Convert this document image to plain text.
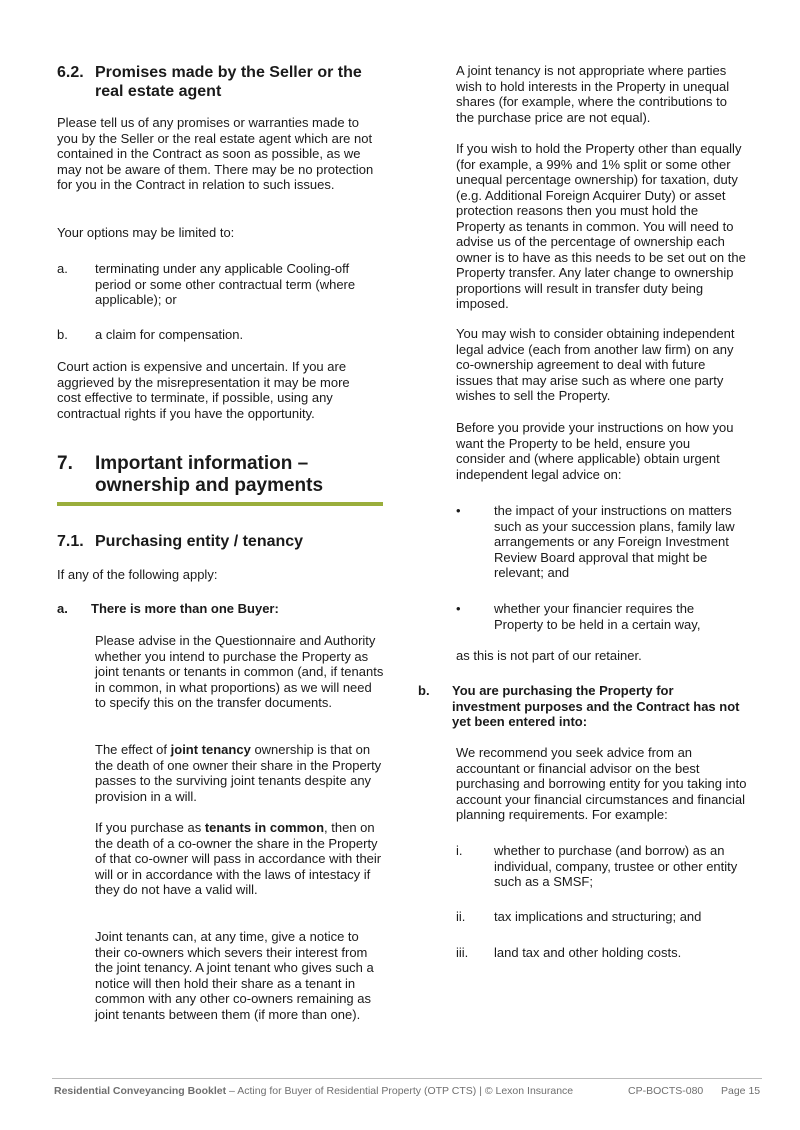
6.2. Promises made by the Seller or the real estate agent

Please tell us of any promises or warranties made to you by the Seller or the real estate agent which are not contained in the Contract as soon as possible, as we may not be aware of them. There may be no protection for you in the Contract in relation to such issues.

Your options may be limited to:

a. terminating under any applicable Cooling-off period or some other contractual term (where applicable); or
b. a claim for compensation.

Court action is expensive and uncertain. If you are aggrieved by the misrepresentation it may be more cost effective to terminate, if possible, using any contractual rights if you have the opportunity.

7. Important information – ownership and payments
7.1. Purchasing entity / tenancy

If any of the following apply:

a. There is more than one Buyer:

Please advise in the Questionnaire and Authority whether you intend to purchase the Property as joint tenants or tenants in common (and, if tenants in common, in what proportions) as we will need to specify this on the transfer documents.

The effect of joint tenancy ownership is that on the death of one owner their share in the Property passes to the surviving joint tenants despite any provision in a will.

If you purchase as tenants in common, then on the death of a co-owner the share in the Property of that co-owner will pass in accordance with their will or in accordance with the laws of intestacy if they do not have a valid will.

Joint tenants can, at any time, give a notice to their co-owners which severs their interest from the joint tenancy. A joint tenant who gives such a notice will then hold their share as a tenant in common with any other co-owners remaining as joint tenants between them (if more than one).

A joint tenancy is not appropriate where parties wish to hold interests in the Property in unequal shares (for example, where the contributions to the purchase price are not equal).

If you wish to hold the Property other than equally (for example, a 99% and 1% split or some other unequal percentage ownership) for taxation, duty (e.g. Additional Foreign Acquirer Duty) or asset protection reasons then you must hold the Property as tenants in common. You will need to advise us of the percentage of ownership each owner is to have as this needs to be set out on the Property transfer. Any later change to ownership proportions will result in transfer duty being imposed.

You may wish to consider obtaining independent legal advice (each from another law firm) on any co-ownership agreement to deal with future issues that may arise such as where one party wishes to sell the Property.

Before you provide your instructions on how you want the Property to be held, ensure you consider and (where applicable) obtain urgent independent legal advice on:

•	the impact of your instructions on matters such as your succession plans, family law arrangements or any Foreign Investment Review Board approval that might be relevant; and
•	whether your financier requires the Property to be held in a certain way,

as this is not part of our retainer.

b. You are purchasing the Property for investment purposes and the Contract has not yet been entered into:

We recommend you seek advice from an accountant or financial advisor on the best purchasing and borrowing entity for you taking into account your financial circumstances and financial planning requirements. For example:

i. whether to purchase (and borrow) as an individual, company, trustee or other entity such as a SMSF;
ii. tax implications and structuring; and
iii. land tax and other holding costs.
Residential Conveyancing Booklet – Acting for Buyer of Residential Property (OTP CTS) | © Lexon Insurance	CP-BOCTS-080 Page 15
